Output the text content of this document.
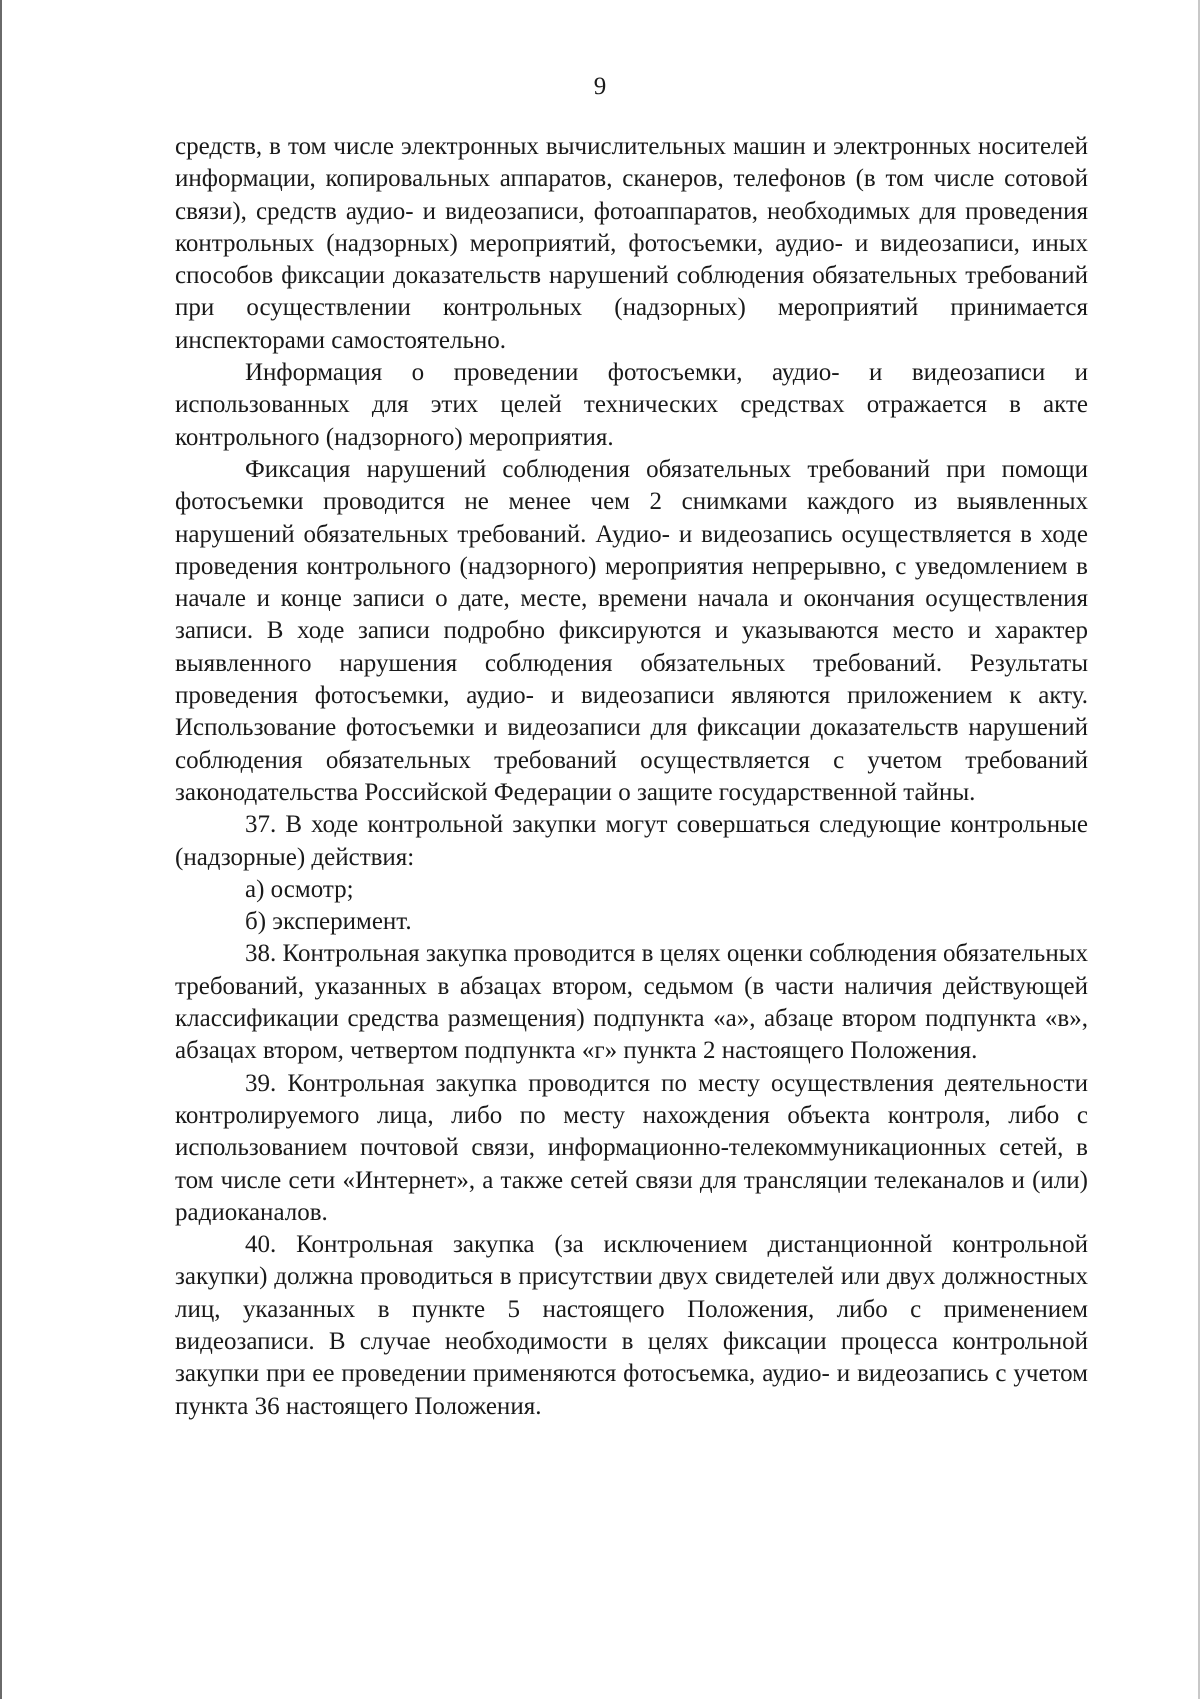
9

средств, в том числе электронных вычислительных машин и электронных носителей информации, копировальных аппаратов, сканеров, телефонов (в том числе сотовой связи), средств аудио- и видеозаписи, фотоаппаратов, необходимых для проведения контрольных (надзорных) мероприятий, фотосъемки, аудио- и видеозаписи, иных способов фиксации доказательств нарушений соблюдения обязательных требований при осуществлении контрольных (надзорных) мероприятий принимается инспекторами самостоятельно.

Информация о проведении фотосъемки, аудио- и видеозаписи и использованных для этих целей технических средствах отражается в акте контрольного (надзорного) мероприятия.

Фиксация нарушений соблюдения обязательных требований при помощи фотосъемки проводится не менее чем 2 снимками каждого из выявленных нарушений обязательных требований. Аудио- и видеозапись осуществляется в ходе проведения контрольного (надзорного) мероприятия непрерывно, с уведомлением в начале и конце записи о дате, месте, времени начала и окончания осуществления записи. В ходе записи подробно фиксируются и указываются место и характер выявленного нарушения соблюдения обязательных требований. Результаты проведения фотосъемки, аудио- и видеозаписи являются приложением к акту. Использование фотосъемки и видеозаписи для фиксации доказательств нарушений соблюдения обязательных требований осуществляется с учетом требований законодательства Российской Федерации о защите государственной тайны.

37. В ходе контрольной закупки могут совершаться следующие контрольные (надзорные) действия:

а) осмотр;

б) эксперимент.

38. Контрольная закупка проводится в целях оценки соблюдения обязательных требований, указанных в абзацах втором, седьмом (в части наличия действующей классификации средства размещения) подпункта «а», абзаце втором подпункта «в», абзацах втором, четвертом подпункта «г» пункта 2 настоящего Положения.

39. Контрольная закупка проводится по месту осуществления деятельности контролируемого лица, либо по месту нахождения объекта контроля, либо с использованием почтовой связи, информационно-телекоммуникационных сетей, в том числе сети «Интернет», а также сетей связи для трансляции телеканалов и (или) радиоканалов.

40. Контрольная закупка (за исключением дистанционной контрольной закупки) должна проводиться в присутствии двух свидетелей или двух должностных лиц, указанных в пункте 5 настоящего Положения, либо с применением видеозаписи. В случае необходимости в целях фиксации процесса контрольной закупки при ее проведении применяются фотосъемка, аудио- и видеозапись с учетом пункта 36 настоящего Положения.
